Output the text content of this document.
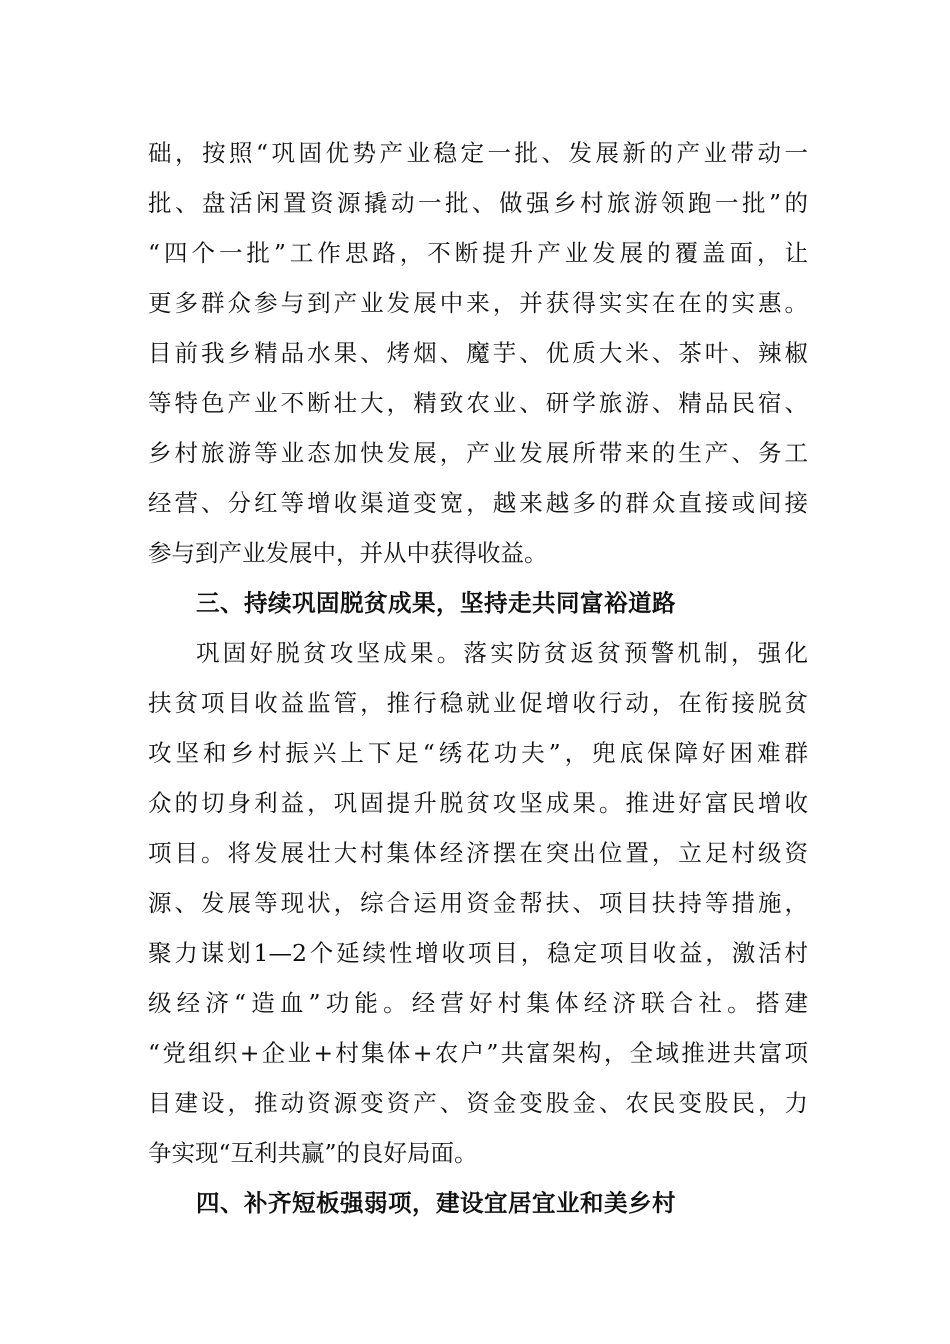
础，按照“巩固优势产业稳定一批、发展新的产业带动一
批、盘活闲置资源撬动一批、做强乡村旅游领跑一批”的
“四个一批”工作思路，不断提升产业发展的覆盖面，让
更多群众参与到产业发展中来，并获得实实在在的实惠。
目前我乡精品水果、烤烟、魔芋、优质大米、茶叶、辣椒
等特色产业不断壮大，精致农业、研学旅游、精品民宿、
乡村旅游等业态加快发展，产业发展所带来的生产、务工
经营、分红等增收渠道变宽，越来越多的群众直接或间接
参与到产业发展中，并从中获得收益。
三、持续巩固脱贫成果，坚持走共同富裕道路
巩固好脱贫攻坚成果。落实防贫返贫预警机制，强化
扶贫项目收益监管，推行稳就业促增收行动，在衔接脱贫
攻坚和乡村振兴上下足“绣花功夫”，兜底保障好困难群
众的切身利益，巩固提升脱贫攻坚成果。推进好富民增收
项目。将发展壮大村集体经济摆在突出位置，立足村级资
源、发展等现状，综合运用资金帮扶、项目扶持等措施，
聚力谋划1—2个延续性增收项目，稳定项目收益，激活村
级经济“造血”功能。经营好村集体经济联合社。搭建
“党组织+企业+村集体+农户”共富架构，全域推进共富项
目建设，推动资源变资产、资金变股金、农民变股民，力
争实现“互利共赢”的良好局面。
四、补齐短板强弱项，建设宜居宜业和美乡村
